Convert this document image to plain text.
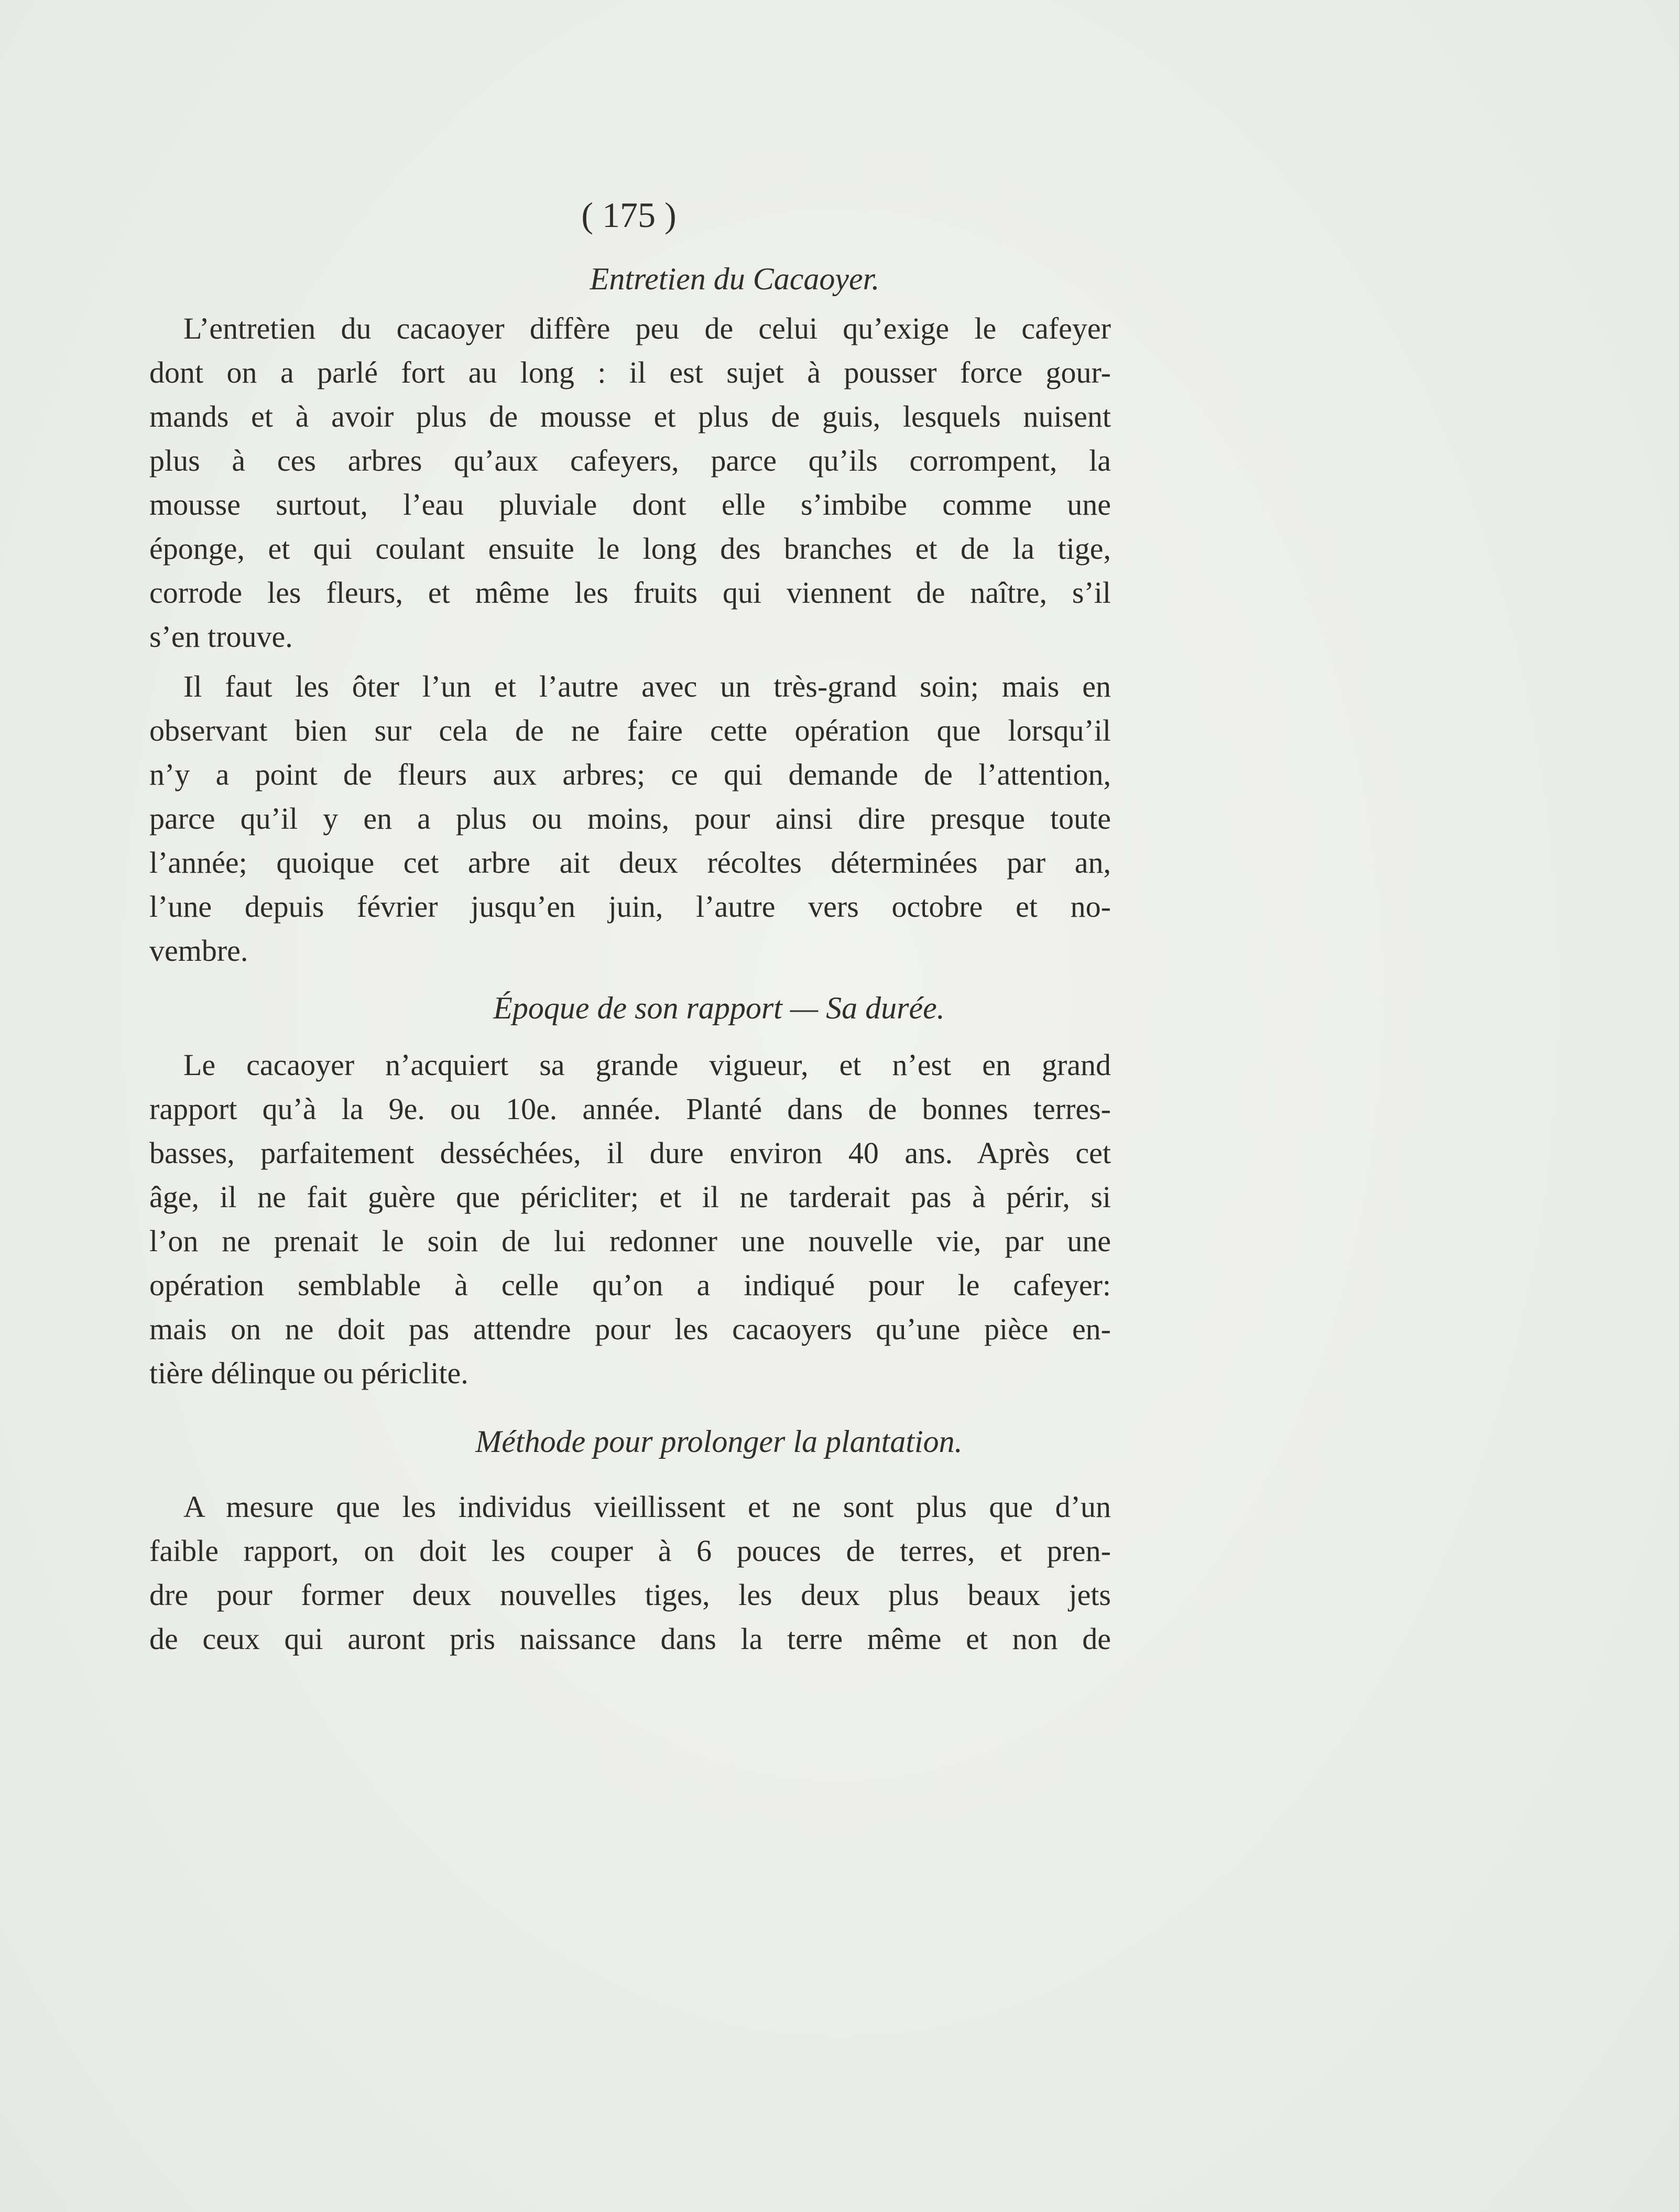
( 175 )
Entretien du Cacaoyer.
L’entretien du cacaoyer diffère peu de celui qu’exige le cafeyer
dont on a parlé fort au long : il est sujet à pousser force gour-
mands et à avoir plus de mousse et plus de guis, lesquels nuisent
plus à ces arbres qu’aux cafeyers, parce qu’ils corrompent, la
mousse surtout, l’eau pluviale dont elle s’imbibe comme une
éponge, et qui coulant ensuite le long des branches et de la tige,
corrode les fleurs, et même les fruits qui viennent de naître, s’il
s’en trouve.
Il faut les ôter l’un et l’autre avec un très-grand soin; mais en
observant bien sur cela de ne faire cette opération que lorsqu’il
n’y a point de fleurs aux arbres; ce qui demande de l’attention,
parce qu’il y en a plus ou moins, pour ainsi dire presque toute
l’année; quoique cet arbre ait deux récoltes déterminées par an,
l’une depuis février jusqu’en juin, l’autre vers octobre et no-
vembre.
Époque de son rapport — Sa durée.
Le cacaoyer n’acquiert sa grande vigueur, et n’est en grand
rapport qu’à la 9e. ou 10e. année. Planté dans de bonnes terres-
basses, parfaitement desséchées, il dure environ 40 ans. Après cet
âge, il ne fait guère que péricliter; et il ne tarderait pas à périr, si
l’on ne prenait le soin de lui redonner une nouvelle vie, par une
opération semblable à celle qu’on a indiqué pour le cafeyer:
mais on ne doit pas attendre pour les cacaoyers qu’une pièce en-
tière délinque ou périclite.
Méthode pour prolonger la plantation.
A mesure que les individus vieillissent et ne sont plus que d’un
faible rapport, on doit les couper à 6 pouces de terres, et pren-
dre pour former deux nouvelles tiges, les deux plus beaux jets
de ceux qui auront pris naissance dans la terre même et non de
